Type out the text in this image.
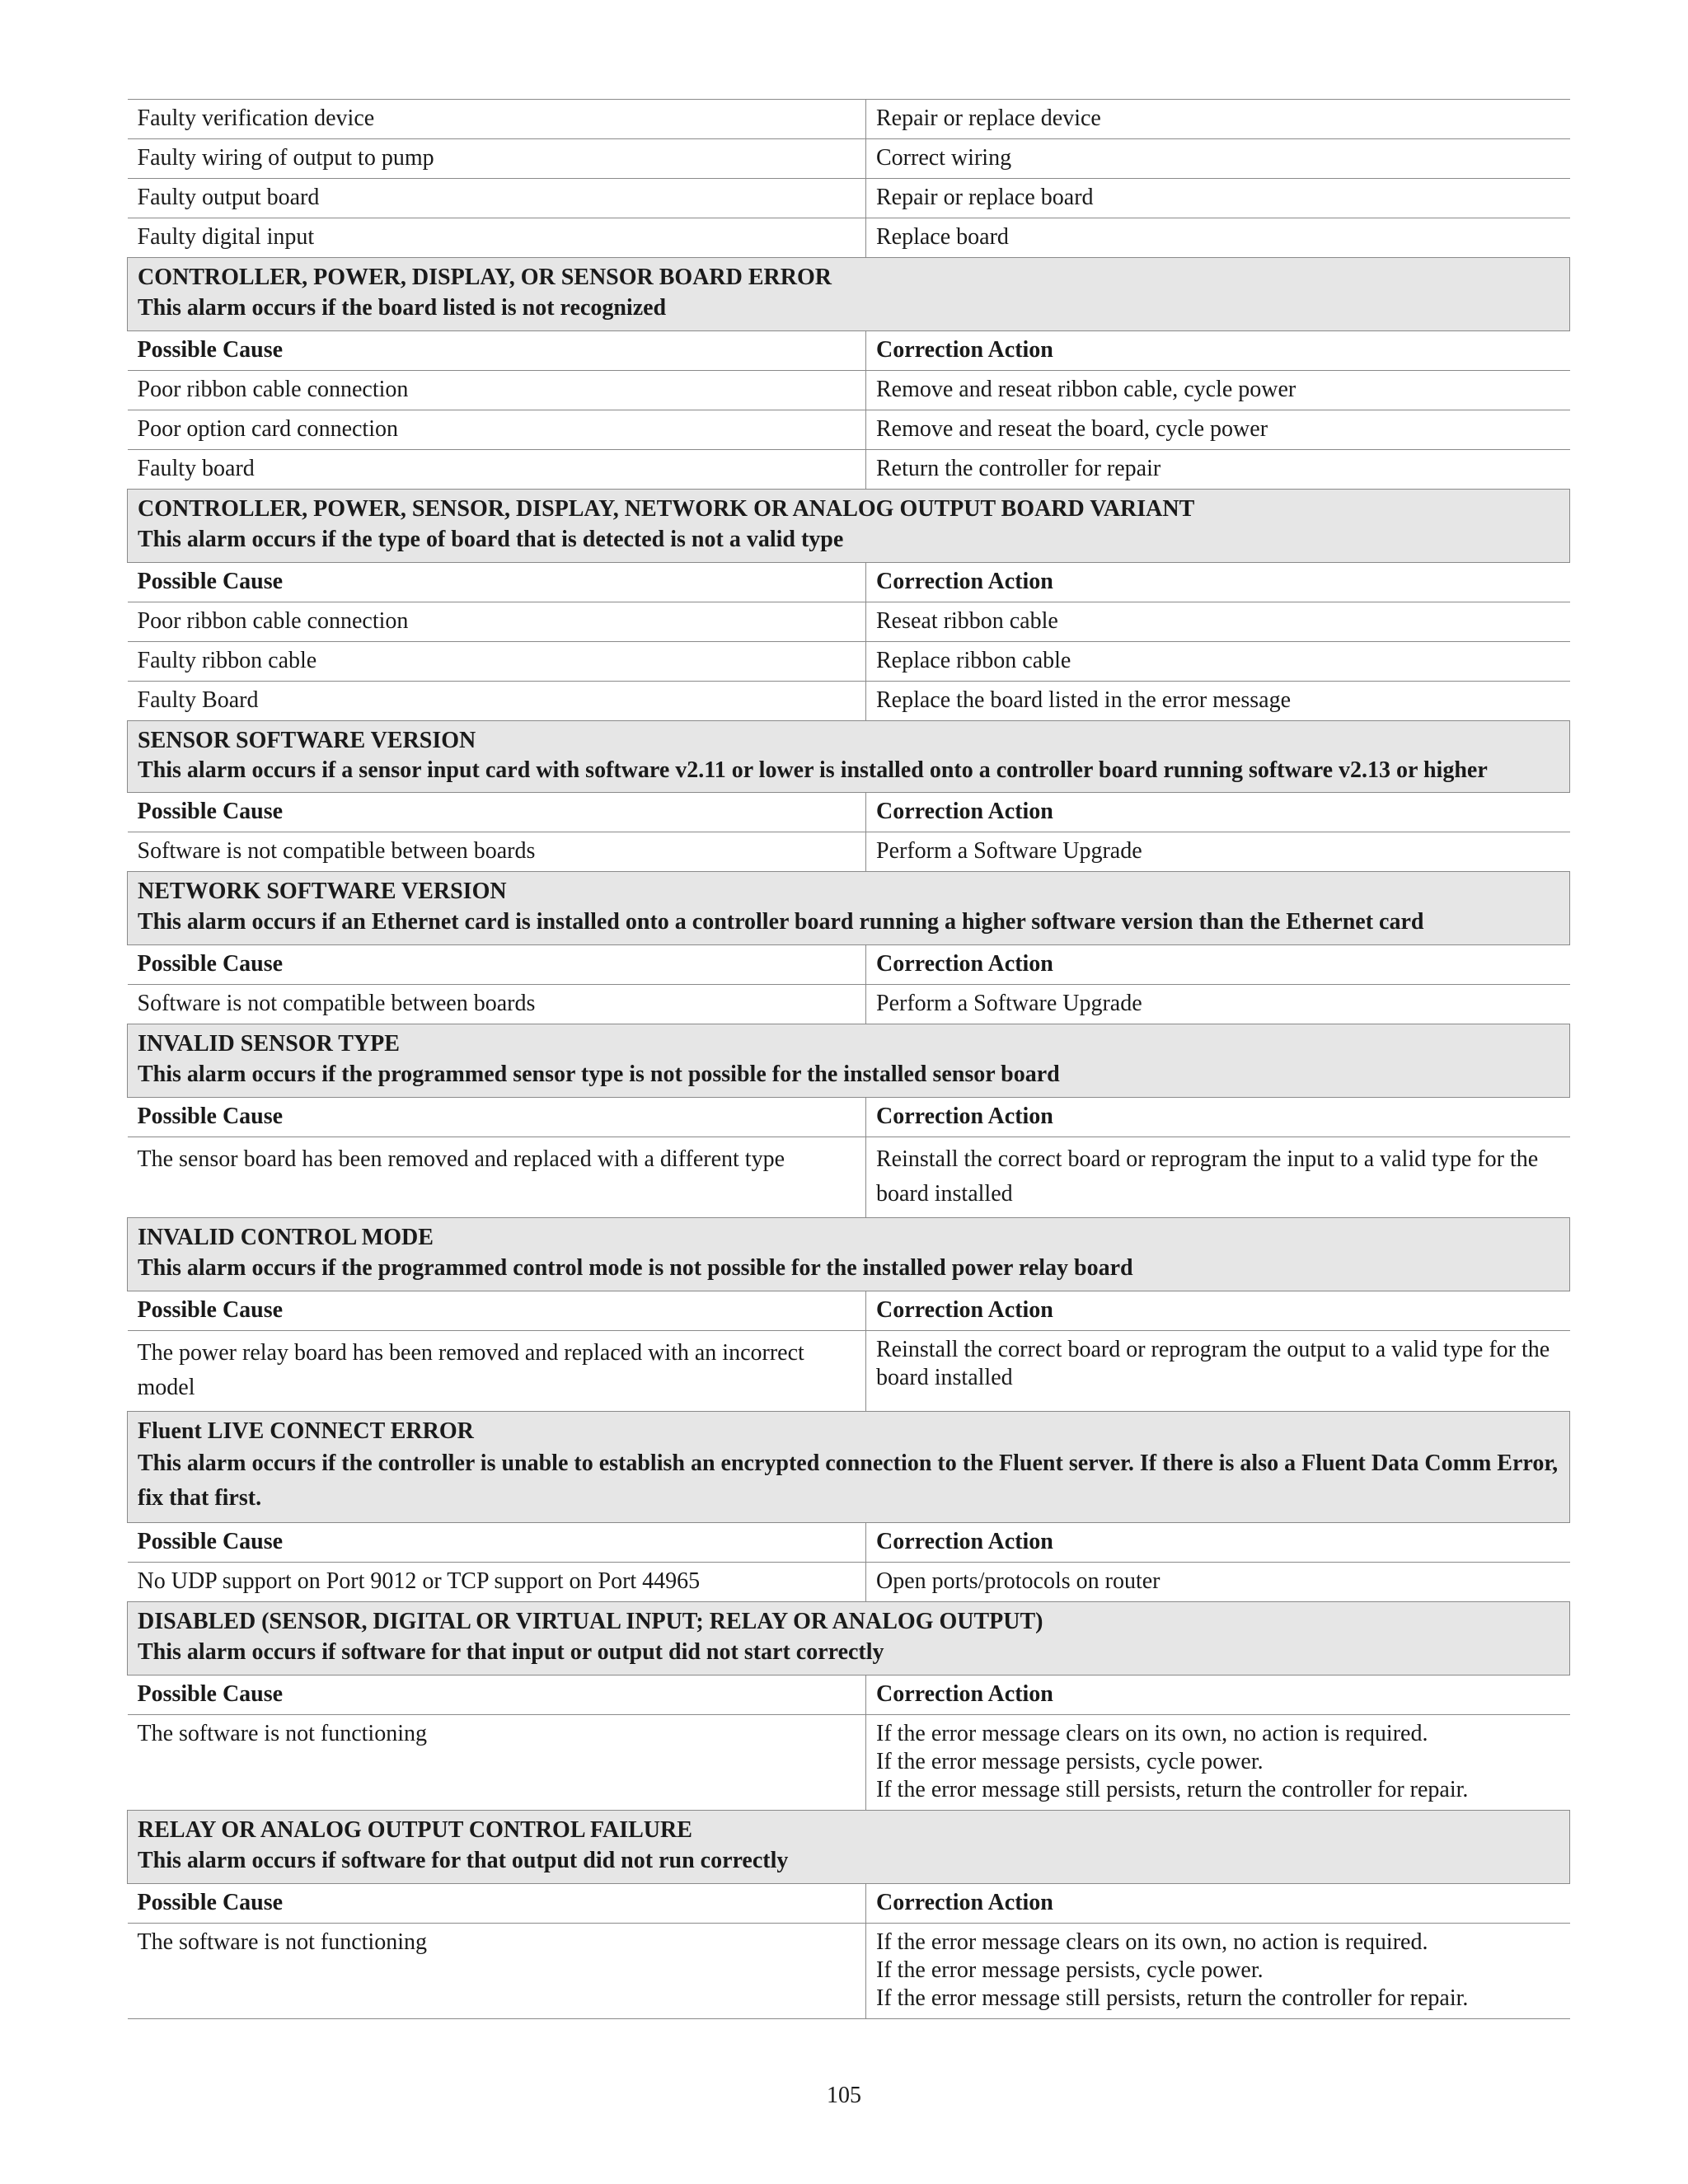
Faulty verification device	Repair or replace device
Faulty wiring of output to pump	Correct wiring
Faulty output board	Repair or replace board
Faulty digital input	Replace board

CONTROLLER, POWER, DISPLAY, OR SENSOR BOARD ERROR
This alarm occurs if the board listed is not recognized	

Possible Cause	Correction Action
Poor ribbon cable connection	Remove and reseat ribbon cable, cycle power
Poor option card connection	Remove and reseat the board, cycle power
Faulty board	Return the controller for repair

CONTROLLER, POWER, SENSOR, DISPLAY, NETWORK OR ANALOG OUTPUT BOARD VARIANT
This alarm occurs if the type of board that is detected is not a valid type	

Possible Cause	Correction Action
Poor ribbon cable connection	Reseat ribbon cable
Faulty ribbon cable	Replace ribbon cable
Faulty Board	Replace the board listed in the error message

SENSOR SOFTWARE VERSION
This alarm occurs if a sensor input card with software v2.11 or lower is installed onto a controller board running software v2.13 or higher	

Possible Cause	Correction Action
Software is not compatible between boards	Perform a Software Upgrade

NETWORK SOFTWARE VERSION
This alarm occurs if an Ethernet card is installed onto a controller board running a higher software version than the Ethernet card	

Possible Cause	Correction Action
Software is not compatible between boards	Perform a Software Upgrade

INVALID SENSOR TYPE
This alarm occurs if the programmed sensor type is not possible for the installed sensor board	

Possible Cause	Correction Action
The sensor board has been removed and replaced with a different type	Reinstall the correct board or reprogram the input to a valid type for the board installed

INVALID CONTROL MODE
This alarm occurs if the programmed control mode is not possible for the installed power relay board	

Possible Cause	Correction Action
The power relay board has been removed and replaced with an incorrect model	Reinstall the correct board or reprogram the output to a valid type for the board installed

Fluent LIVE CONNECT ERROR
This alarm occurs if the controller is unable to establish an encrypted connection to the Fluent server. If there is also a Fluent Data Comm Error, fix that first.	

Possible Cause	Correction Action
No UDP support on Port 9012 or TCP support on Port 44965	Open ports/protocols on router

DISABLED (SENSOR, DIGITAL OR VIRTUAL INPUT; RELAY OR ANALOG OUTPUT)
This alarm occurs if software for that input or output did not start correctly	

Possible Cause	Correction Action
The software is not functioning	If the error message clears on its own, no action is required.
If the error message persists, cycle power.
If the error message still persists, return the controller for repair.

RELAY OR ANALOG OUTPUT CONTROL FAILURE
This alarm occurs if software for that output did not run correctly	

Possible Cause	Correction Action
The software is not functioning	If the error message clears on its own, no action is required.
If the error message persists, cycle power.
If the error message still persists, return the controller for repair.
105
